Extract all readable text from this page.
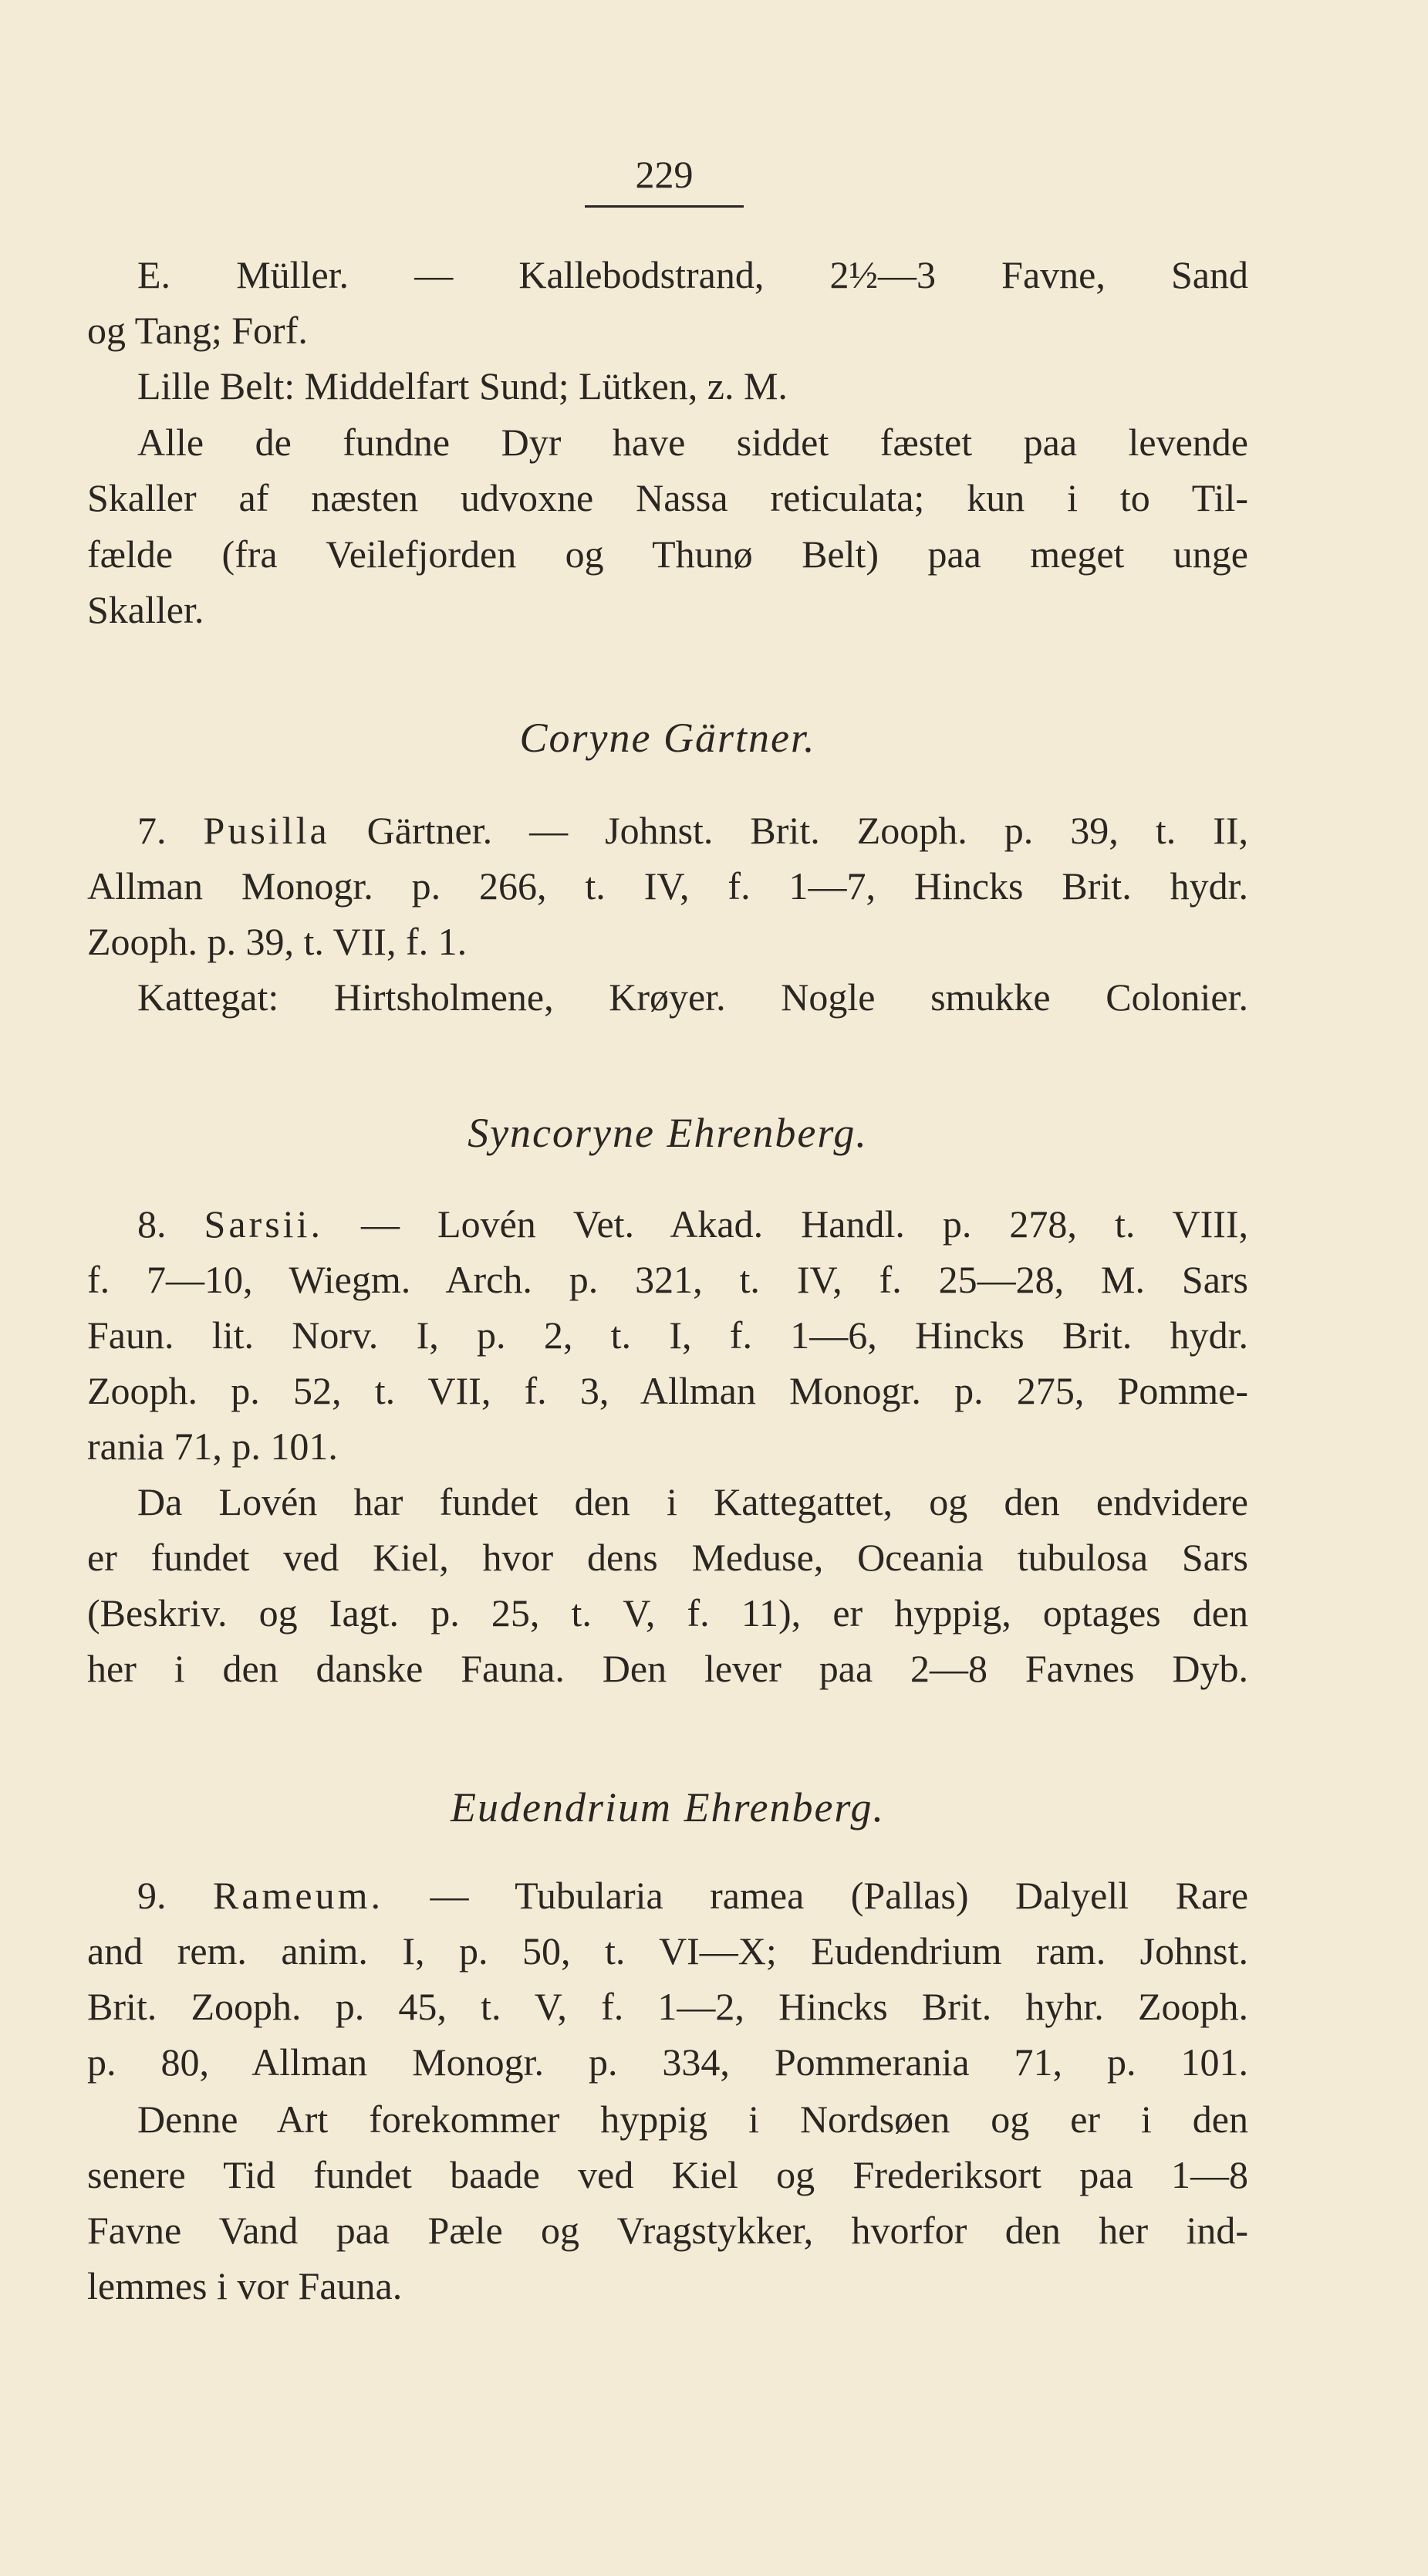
229
E. Müller. — Kallebodstrand, 2½—3 Favne, Sand
og Tang; Forf.
Lille Belt: Middelfart Sund; Lütken, z. M.
Alle de fundne Dyr have siddet fæstet paa levende
Skaller af næsten udvoxne Nassa reticulata; kun i to Til-
fælde (fra Veilefjorden og Thunø Belt) paa meget unge
Skaller.
Coryne Gärtner.
7. Pusilla Gärtner. — Johnst. Brit. Zooph. p. 39, t. II,
Allman Monogr. p. 266, t. IV, f. 1—7, Hincks Brit. hydr.
Zooph. p. 39, t. VII, f. 1.
Kattegat: Hirtsholmene, Krøyer. Nogle smukke Colonier.
Syncoryne Ehrenberg.
8. Sarsii. — Lovén Vet. Akad. Handl. p. 278, t. VIII,
f. 7—10, Wiegm. Arch. p. 321, t. IV, f. 25—28, M. Sars
Faun. lit. Norv. I, p. 2, t. I, f. 1—6, Hincks Brit. hydr.
Zooph. p. 52, t. VII, f. 3, Allman Monogr. p. 275, Pomme-
rania 71, p. 101.
Da Lovén har fundet den i Kattegattet, og den endvidere
er fundet ved Kiel, hvor dens Meduse, Oceania tubulosa Sars
(Beskriv. og Iagt. p. 25, t. V, f. 11), er hyppig, optages den
her i den danske Fauna. Den lever paa 2—8 Favnes Dyb.
Eudendrium Ehrenberg.
9. Rameum. — Tubularia ramea (Pallas) Dalyell Rare
and rem. anim. I, p. 50, t. VI—X; Eudendrium ram. Johnst.
Brit. Zooph. p. 45, t. V, f. 1—2, Hincks Brit. hyhr. Zooph.
p. 80, Allman Monogr. p. 334, Pommerania 71, p. 101.
Denne Art forekommer hyppig i Nordsøen og er i den
senere Tid fundet baade ved Kiel og Frederiksort paa 1—8
Favne Vand paa Pæle og Vragstykker, hvorfor den her ind-
lemmes i vor Fauna.
